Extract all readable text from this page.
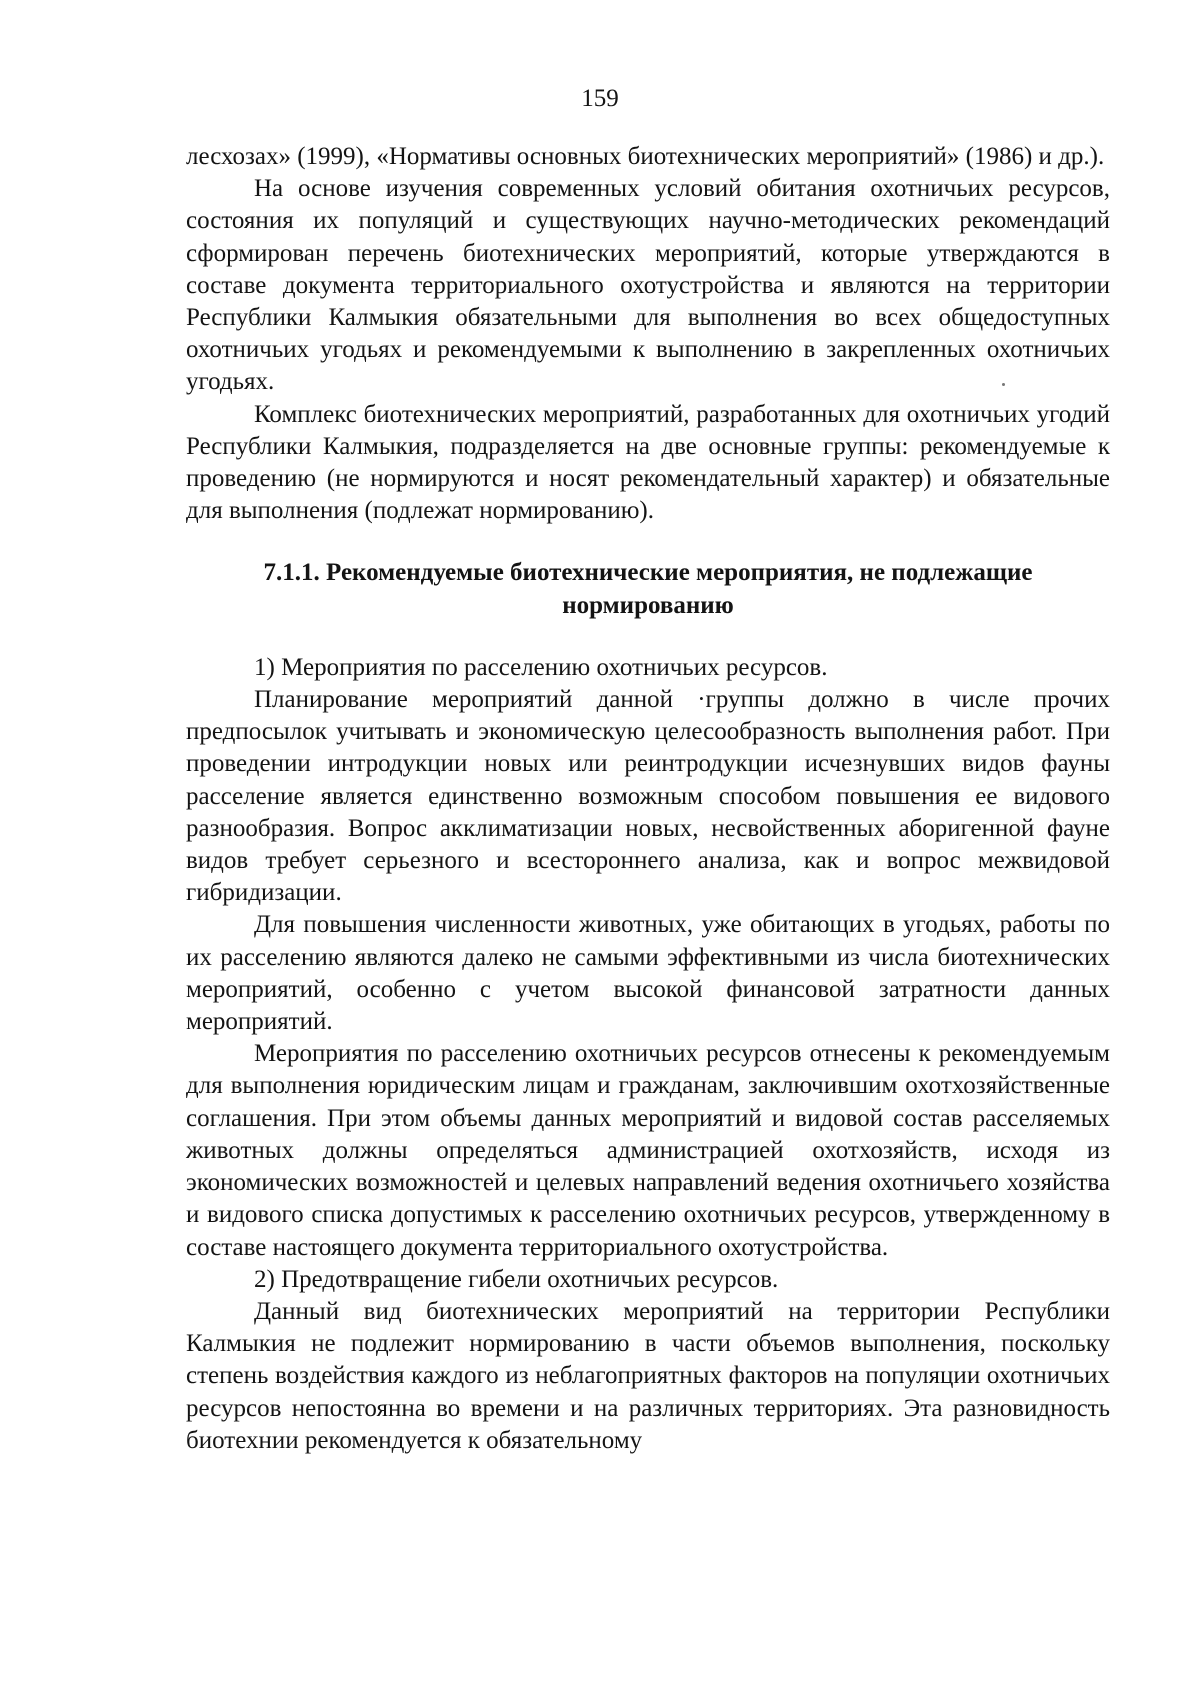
159

лесхозах» (1999), «Нормативы основных биотехнических мероприятий» (1986) и др.).

На основе изучения современных условий обитания охотничьих ресурсов, состояния их популяций и существующих научно-методических рекомендаций сформирован перечень биотехнических мероприятий, которые утверждаются в составе документа территориального охотустройства и являются на территории Республики Калмыкия обязательными для выполнения во всех общедоступных охотничьих угодьях и рекомендуемыми к выполнению в закрепленных охотничьих угодьях.

Комплекс биотехнических мероприятий, разработанных для охотничьих угодий Республики Калмыкия, подразделяется на две основные группы: рекомендуемые к проведению (не нормируются и носят рекомендательный характер) и обязательные для выполнения (подлежат нормированию).

7.1.1. Рекомендуемые биотехнические мероприятия, не подлежащие
нормированию

1) Мероприятия по расселению охотничьих ресурсов.

Планирование мероприятий данной ·группы должно в числе прочих предпосылок учитывать и экономическую целесообразность выполнения работ. При проведении интродукции новых или реинтродукции исчезнувших видов фауны расселение является единственно возможным способом повышения ее видового разнообразия. Вопрос акклиматизации новых, несвойственных аборигенной фауне видов требует серьезного и всестороннего анализа, как и вопрос межвидовой гибридизации.

Для повышения численности животных, уже обитающих в угодьях, работы по их расселению являются далеко не самыми эффективными из числа биотехнических мероприятий, особенно с учетом высокой финансовой затратности данных мероприятий.

Мероприятия по расселению охотничьих ресурсов отнесены к рекомендуемым для выполнения юридическим лицам и гражданам, заключившим охотхозяйственные соглашения. При этом объемы данных мероприятий и видовой состав расселяемых животных должны определяться администрацией охотхозяйств, исходя из экономических возможностей и целевых направлений ведения охотничьего хозяйства и видового списка допустимых к расселению охотничьих ресурсов, утвержденному в составе настоящего документа территориального охотустройства.

2) Предотвращение гибели охотничьих ресурсов.

Данный вид биотехнических мероприятий на территории Республики Калмыкия не подлежит нормированию в части объемов выполнения, поскольку степень воздействия каждого из неблагоприятных факторов на популяции охотничьих ресурсов непостоянна во времени и на различных территориях. Эта разновидность биотехнии рекомендуется к обязательному
